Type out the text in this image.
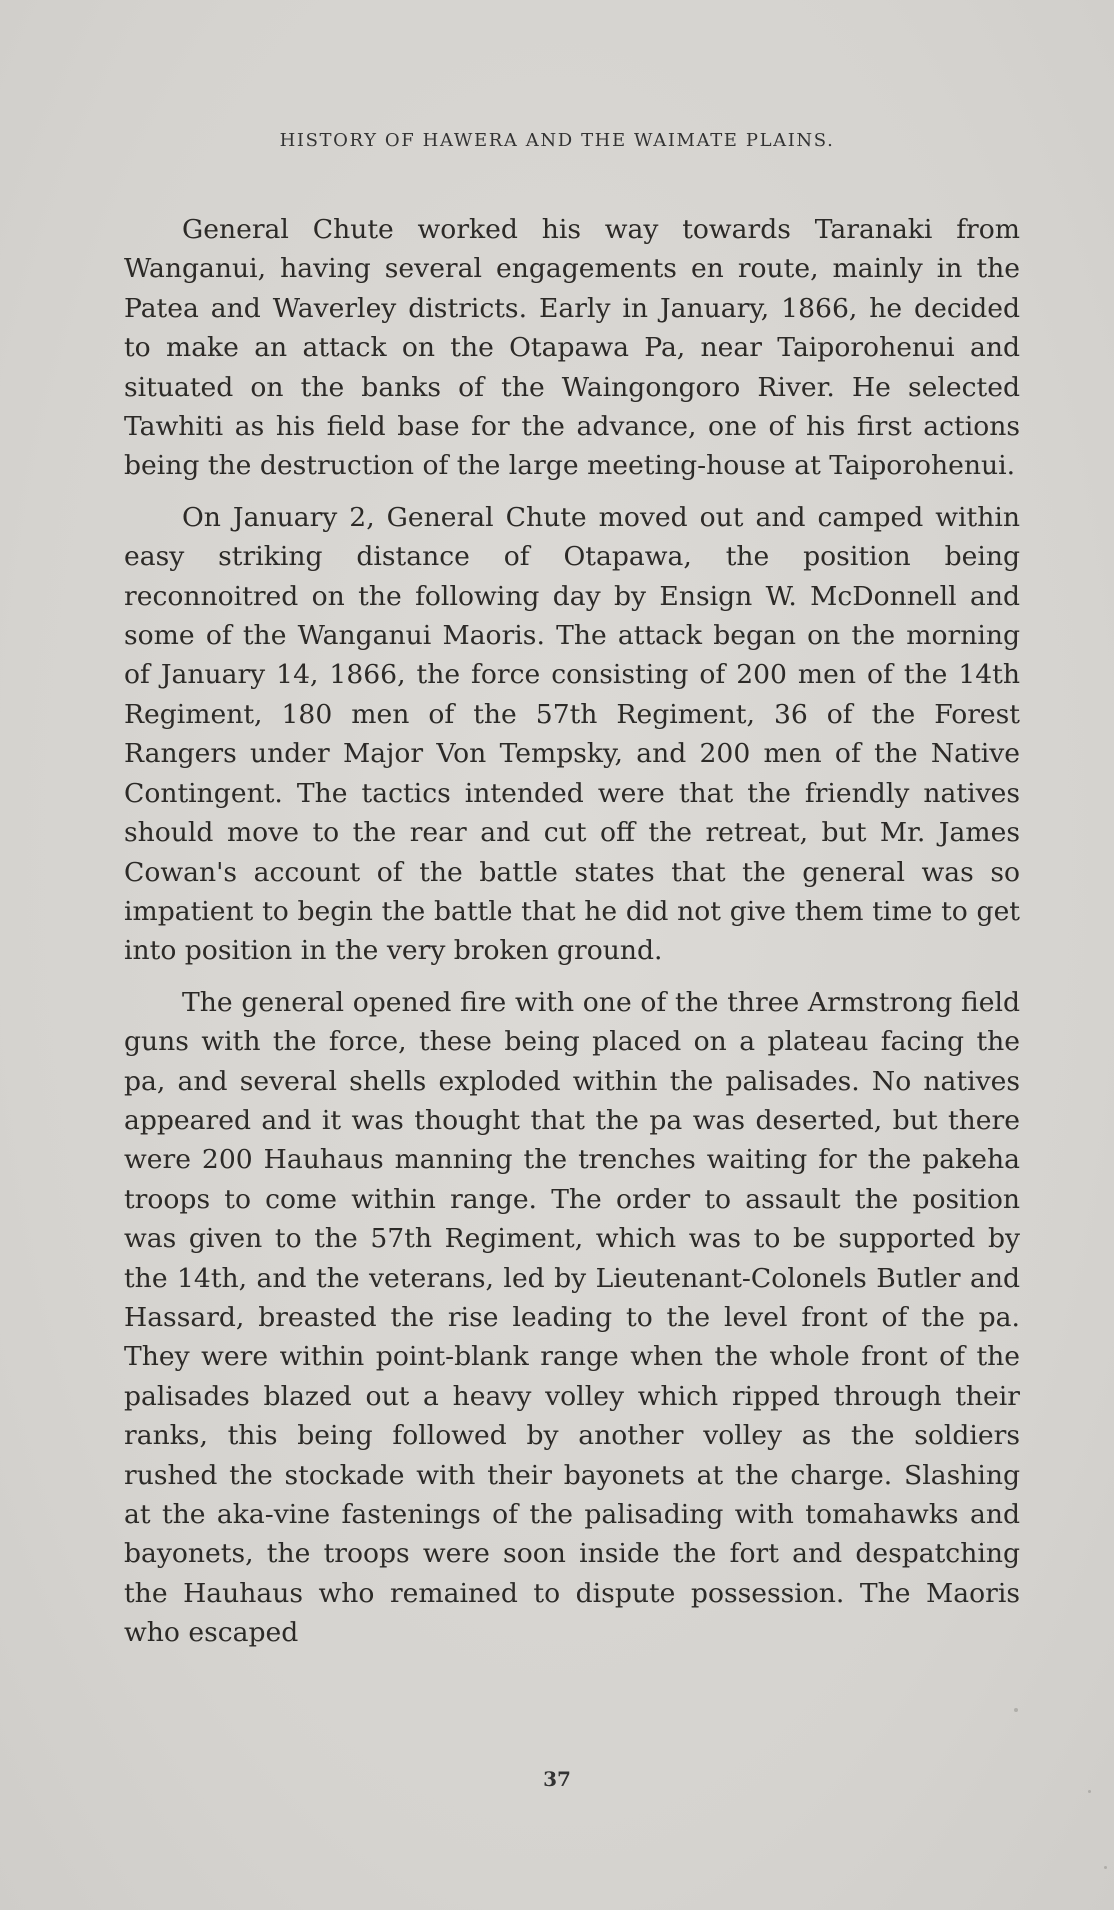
HISTORY OF HAWERA AND THE WAIMATE PLAINS.

General Chute worked his way towards Taranaki from Wanganui, having several engagements en route, mainly in the Patea and Waverley districts. Early in January, 1866, he decided to make an attack on the Otapawa Pa, near Taiporohenui and situated on the banks of the Waingongoro River. He selected Tawhiti as his field base for the advance, one of his first actions being the destruction of the large meeting-house at Taiporohenui.

On January 2, General Chute moved out and camped within easy striking distance of Otapawa, the position being reconnoitred on the following day by Ensign W. McDonnell and some of the Wanganui Maoris. The attack began on the morning of January 14, 1866, the force consisting of 200 men of the 14th Regiment, 180 men of the 57th Regiment, 36 of the Forest Rangers under Major Von Tempsky, and 200 men of the Native Contingent. The tactics intended were that the friendly natives should move to the rear and cut off the retreat, but Mr. James Cowan's account of the battle states that the general was so impatient to begin the battle that he did not give them time to get into position in the very broken ground.

The general opened fire with one of the three Armstrong field guns with the force, these being placed on a plateau facing the pa, and several shells exploded within the palisades. No natives appeared and it was thought that the pa was deserted, but there were 200 Hauhaus manning the trenches waiting for the pakeha troops to come within range. The order to assault the position was given to the 57th Regiment, which was to be supported by the 14th, and the veterans, led by Lieutenant-Colonels Butler and Hassard, breasted the rise leading to the level front of the pa. They were within point-blank range when the whole front of the palisades blazed out a heavy volley which ripped through their ranks, this being followed by another volley as the soldiers rushed the stockade with their bayonets at the charge. Slashing at the aka-vine fastenings of the palisading with tomahawks and bayonets, the troops were soon inside the fort and despatching the Hauhaus who remained to dispute possession. The Maoris who escaped

37
